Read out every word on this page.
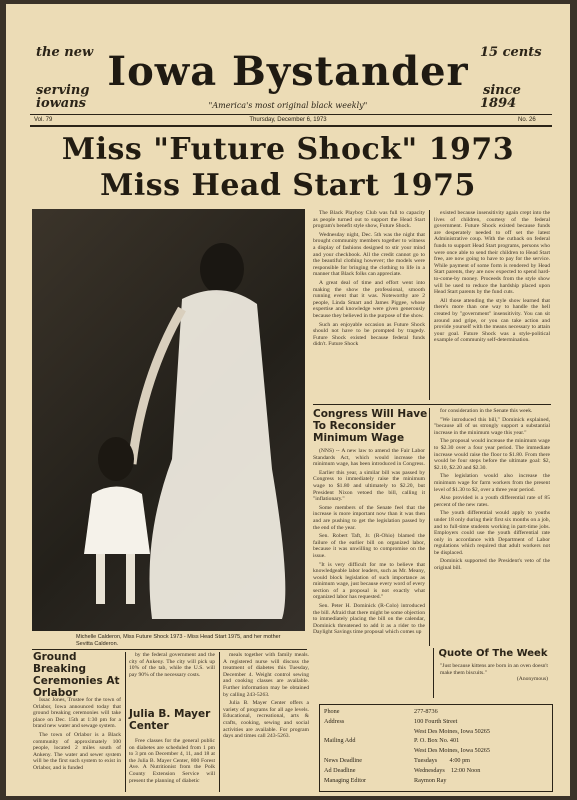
the new	15 cents
Iowa Bystander
serving
iowans
since
1894
"America's most original black weekly"
Vol. 79	Thursday, December 6, 1973	No. 26
Miss "Future Shock" 1973
Miss Head Start 1975
Michelle Calderon, Miss Future Shock 1973 - Miss Head Start 1975, and her mother Sevitta Calderon.

The Black Playboy Club was full to capacity as people turned out to support the Head Start program's benefit style show, Future Shock.

Wednesday night, Dec. 5th was the night that brought community members together to witness a display of fashions designed to stir your mind and your checkbook. All the credit cannot go to the beautiful clothing however; the models were responsible for bringing the clothing to life in a manner that Black folks can appreciate.

A great deal of time and effort went into making the show the professional, smooth running event that it was. Noteworthy are 2 people, Linda Smart and James Piggee, whose expertise and knowledge were given generously because they believed in the purpose of the show.

Such an enjoyable occasion as Future Shock should not have to be prompted by tragedy. Future Shock existed because federal funds didn't. Future Shock

existed because insensitivity again crept into the lives of children, courtesy of the federal government. Future Shock existed because funds are desperately needed to off set the latest Administrative coup. With the cutback on federal funds to support Head Start programs, persons who were once able to send their children to Head Start free, are now going to have to pay for the service. While payment of some form is rendered by Head Start parents, they are now expected to spend hard-to-come-by money. Proceeds from the style show will be used to reduce the hardship placed upon Head Start parents by the fund cuts.

All those attending the style show learned that there's more than one way to handle the hell created by "government" insensitivity. You can sit around and gripe, or you can take action and provide yourself with the means necessary to attain your goal. Future Shock was a style-political example of community self-determination.

Congress Will Have To Reconsider Minimum Wage

(NNS) -- A new law to amend the Fair Labor Standards Act, which would increase the minimum wage, has been introduced in Congress.

Earlier this year, a similar bill was passed by Congress to immediately raise the minimum wage to $1.80 and ultimately to $2.20, but President Nixon vetoed the bill, calling it "inflationary."

Some members of the Senate feel that the increase is more important now than it was then and are pushing to get the legislation passed by the end of the year.

Sen. Robert Taft, Jr. (R-Ohio) blamed the failure of the earlier bill on organized labor, because it was unwilling to compromise on the issue.

"It is very difficult for me to believe that knowledgeable labor leaders, such as Mr. Meany, would block legislation of such importance as minimum wage, just because every word of every section of a proposal is not exactly what organized labor has requested."

Sen. Peter H. Dominick (R-Colo) introduced the bill. Afraid that there might be some objection to immediately placing the bill on the calendar, Dominick threatened to add it as a rider to the Daylight Savings time proposal which comes up

for consideration in the Senate this week.

"We introduced this bill," Dominick explained, "because all of us strongly support a substantial increase in the minimum wage this year."

The proposal would increase the minimum wage to $2.30 over a four year period. The immediate increase would raise the floor to $1.80. From there would be four steps before the ultimate goal: $2, $2.10, $2.20 and $2.30.

The legislation would also increase the minimum wage for farm workers from the present level of $1.30 to $2, over a three year period.

Also provided is a youth differential rate of 85 percent of the new rates.

The youth differential would apply to youths under 18 only during their first six months on a job, and to full-time students working in part-time jobs. Employers could use the youth differential rate only in accordance with Department of Labor regulations which required that adult workers not be displaced.

Dominick supported the President's veto of the original bill.

Ground Breaking Ceremonies At Orlabor

Issac Jones, Trustee for the town of Orlabor, Iowa announced today that ground breaking ceremonies will take place on Dec. 15th at 1:30 pm for a brand new water and sewage system.

The town of Orlabor is a Black community of approximately 100 people, located 2 miles south of Ankeny. The water and sewer system will be the first such system to exist in Orlabor, and is funded

by the federal government and the city of Ankeny. The city will pick up 10% of the tab, while the U.S. will pay 90% of the necessary costs.

Julia B. Mayer Center

Free classes for the general public on diabetes are scheduled from 1 pm to 3 pm on December 4, 11, and 18 at the Julia B. Mayer Center, 800 Forest Ave. A Nutritionist from the Polk County Extension Service will present the planning of diabetic

meals together with family meals. A registered nurse will discuss the treatment of diabetes this Tuesday, December 4. Weight control sewing and cooking classes are available. Further information may be obtained by calling 243-5263.

Julia B. Mayer Center offers a variety of programs for all age levels. Educational, recreational, arts & crafts, cooking, sewing and social activities are available. For program days and times call 243-5263.

Quote Of The Week
"Just because kittens are born in an oven doesn't make them biscuits."
(Anonymous)
Phone	277-8736
Address	100 Fourth Street
West Des Moines, Iowa 50265
Mailing Add	P. O. Box No. 401
West Des Moines, Iowa 50265
News Deadline	Tuesdays        4:00 pm
Ad Deadline	Wednesdays    12:00 Noon
Managing Editor	Raymon Ray
